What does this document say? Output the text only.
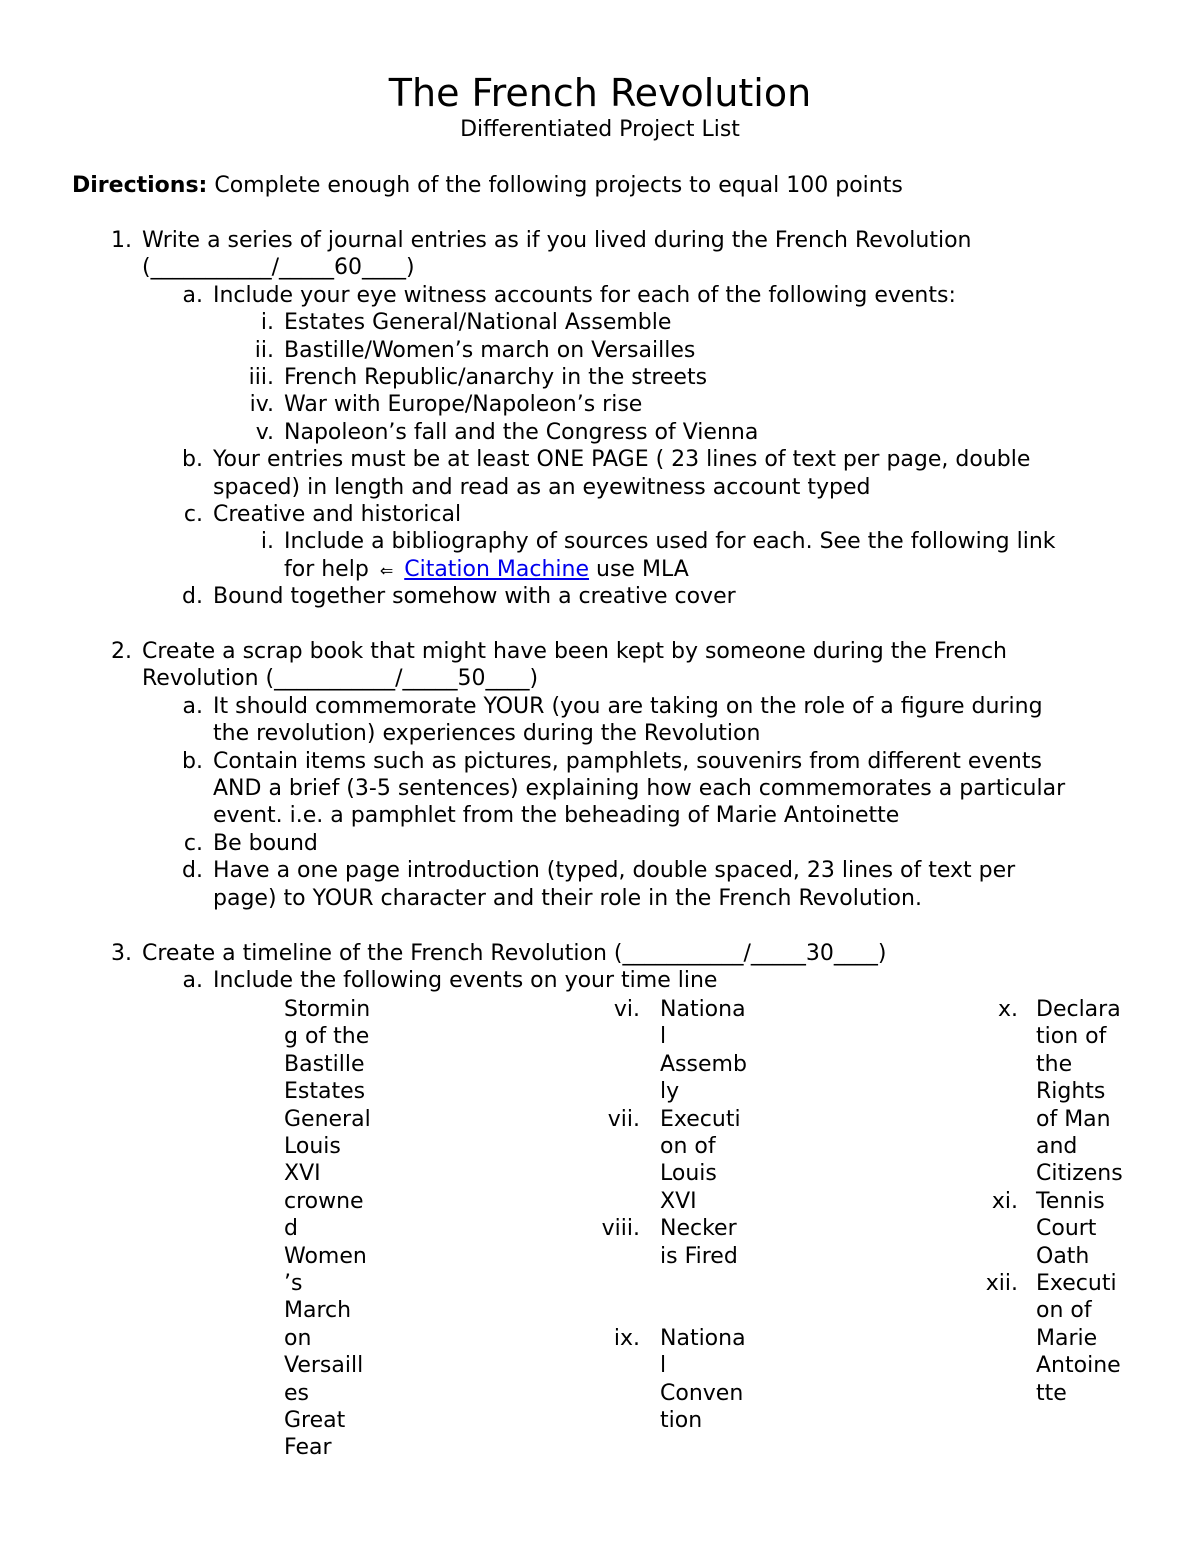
The French Revolution
Differentiated Project List
Directions: Complete enough of the following projects to equal 100 points
1. Write a series of journal entries as if you lived during the French Revolution
(___________/_____60____)
a. Include your eye witness accounts for each of the following events:
i. Estates General/National Assemble
ii. Bastille/Women’s march on Versailles
iii. French Republic/anarchy in the streets
iv. War with Europe/Napoleon’s rise
v. Napoleon’s fall and the Congress of Vienna
b. Your entries must be at least ONE PAGE ( 23 lines of text per page, double
spaced) in length and read as an eyewitness account typed
c. Creative and historical
i. Include a bibliography of sources used for each. See the following link
for help ⇐ Citation Machine use MLA
d. Bound together somehow with a creative cover
2. Create a scrap book that might have been kept by someone during the French
Revolution (___________/_____50____)
a. It should commemorate YOUR (you are taking on the role of a figure during
the revolution) experiences during the Revolution
b. Contain items such as pictures, pamphlets, souvenirs from different events
AND a brief (3-5 sentences) explaining how each commemorates a particular
event. i.e. a pamphlet from the beheading of Marie Antoinette
c. Be bound
d. Have a one page introduction (typed, double spaced, 23 lines of text per
page) to YOUR character and their role in the French Revolution.
3. Create a timeline of the French Revolution (___________/_____30____)
a. Include the following events on your time line
Stormin
g of the
Bastille
Estates
General
Louis
XVI
crowne
d
Women
’s
March
on
Versaill
es
Great
Fear
vi. Nationa
l
Assemb
ly
vii. Executi
on of
Louis
XVI
viii. Necker
is Fired
ix. Nationa
l
Conven
tion
x. Declara
tion of
the
Rights
of Man
and
Citizens
xi. Tennis
Court
Oath
xii. Executi
on of
Marie
Antoine
tte
